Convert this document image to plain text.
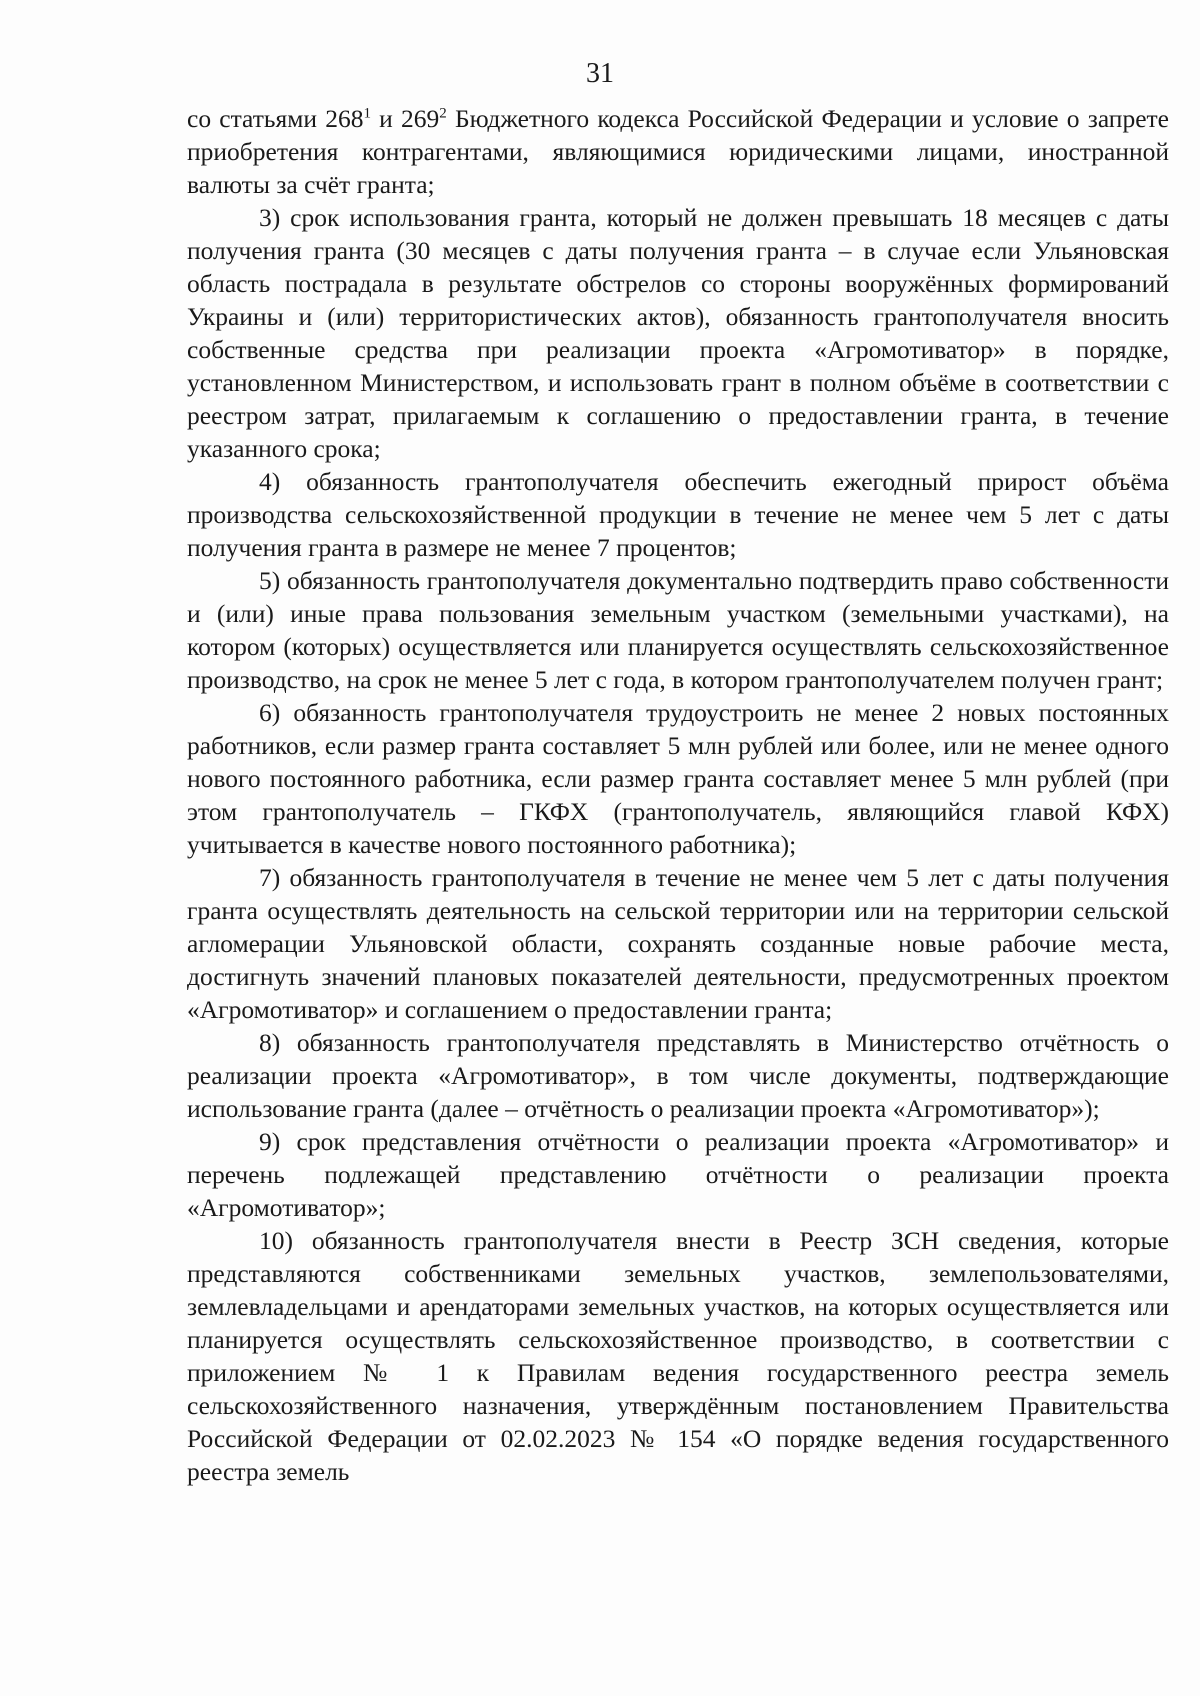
31

со статьями $268^1$ и $269^2$ Бюджетного кодекса Российской Федерации и условие о запрете приобретения контрагентами, являющимися юридическими лицами, иностранной валюты за счёт гранта;

3) срок использования гранта, который не должен превышать 18 месяцев с даты получения гранта (30 месяцев с даты получения гранта – в случае если Ульяновская область пострадала в результате обстрелов со стороны вооружённых формирований Украины и (или) территористических актов), обязанность грантополучателя вносить собственные средства при реализации проекта «Агромотиватор» в порядке, установленном Министерством, и использовать грант в полном объёме в соответствии с реестром затрат, прилагаемым к соглашению о предоставлении гранта, в течение указанного срока;

4) обязанность грантополучателя обеспечить ежегодный прирост объёма производства сельскохозяйственной продукции в течение не менее чем 5 лет с даты получения гранта в размере не менее 7 процентов;

5) обязанность грантополучателя документально подтвердить право собственности и (или) иные права пользования земельным участком (земельными участками), на котором (которых) осуществляется или планируется осуществлять сельскохозяйственное производство, на срок не менее 5 лет с года, в котором грантополучателем получен грант;

6) обязанность грантополучателя трудоустроить не менее 2 новых постоянных работников, если размер гранта составляет 5 млн рублей или более, или не менее одного нового постоянного работника, если размер гранта составляет менее 5 млн рублей (при этом грантополучатель – ГКФХ (грантополучатель, являющийся главой КФХ) учитывается в качестве нового постоянного работника);

7) обязанность грантополучателя в течение не менее чем 5 лет с даты получения гранта осуществлять деятельность на сельской территории или на территории сельской агломерации Ульяновской области, сохранять созданные новые рабочие места, достигнуть значений плановых показателей деятельности, предусмотренных проектом «Агромотиватор» и соглашением о предоставлении гранта;

8) обязанность грантополучателя представлять в Министерство отчётность о реализации проекта «Агромотиватор», в том числе документы, подтверждающие использование гранта (далее – отчётность о реализации проекта «Агромотиватор»);

9) срок представления отчётности о реализации проекта «Агромотиватор» и перечень подлежащей представлению отчётности о реализации проекта «Агромотиватор»;

10) обязанность грантополучателя внести в Реестр ЗСН сведения, которые представляются собственниками земельных участков, землепользователями, землевладельцами и арендаторами земельных участков, на которых осуществляется или планируется осуществлять сельскохозяйственное производство, в соответствии с приложением № 1 к Правилам ведения государственного реестра земель сельскохозяйственного назначения, утверждённым постановлением Правительства Российской Федерации от 02.02.2023 № 154 «О порядке ведения государственного реестра земель
